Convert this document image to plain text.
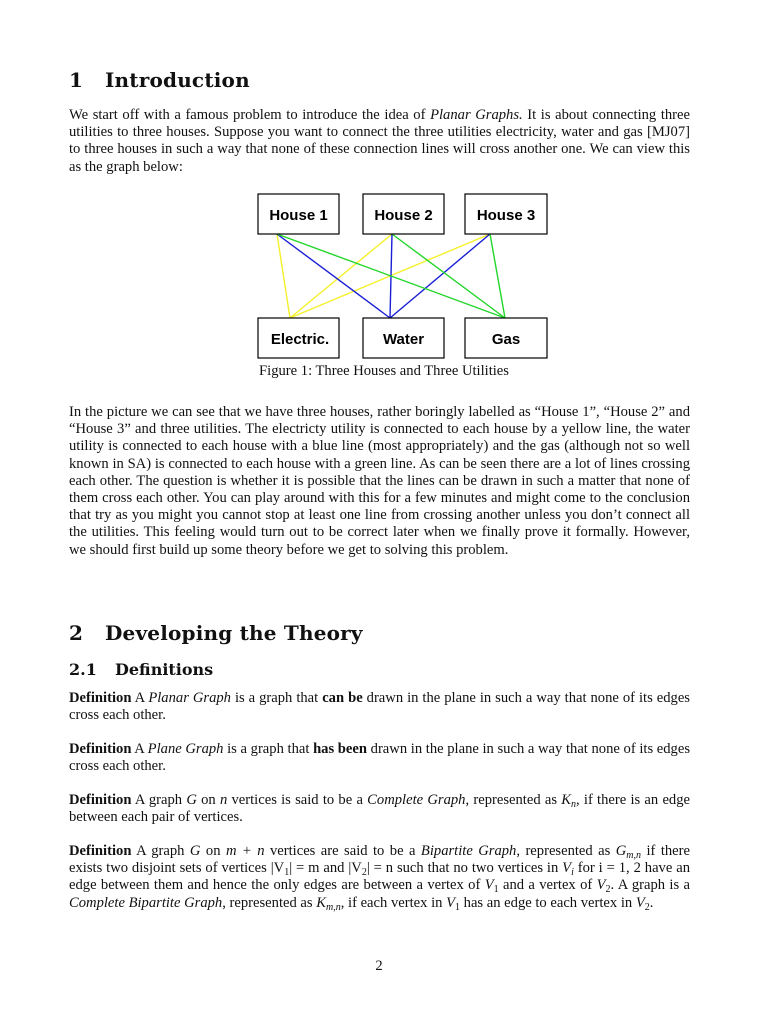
1 Introduction

We start off with a famous problem to introduce the idea of Planar Graphs. It is about connecting three utilities to three houses. Suppose you want to connect the three utilities electricity, water and gas [MJ07] to three houses in such a way that none of these connection lines will cross another one. We can view this as the graph below:

House 1	House 2	House 3
Electric.	Water	Gas
Figure 1: Three Houses and Three Utilities

In the picture we can see that we have three houses, rather boringly labelled as “House 1”, “House 2” and “House 3” and three utilities. The electricty utility is connected to each house by a yellow line, the water utility is connected to each house with a blue line (most appropriately) and the gas (although not so well known in SA) is connected to each house with a green line. As can be seen there are a lot of lines crossing each other. The question is whether it is possible that the lines can be drawn in such a matter that none of them cross each other. You can play around with this for a few minutes and might come to the conclusion that try as you might you cannot stop at least one line from crossing another unless you don’t connect all the utilities. This feeling would turn out to be correct later when we finally prove it formally. However, we should first build up some theory before we get to solving this problem.

2 Developing the Theory
2.1 Definitions

Definition A Planar Graph is a graph that can be drawn in the plane in such a way that none of its edges cross each other.

Definition A Plane Graph is a graph that has been drawn in the plane in such a way that none of its edges cross each other.

Definition A graph G on n vertices is said to be a Complete Graph, represented as $K_n$, if there is an edge between each pair of vertices.

Definition A graph G on m + n vertices are said to be a Bipartite Graph, represented as $G_{m,n}$ if there exists two disjoint sets of vertices $|V_1| = m$ and $|V_2| = n$ such that no two vertices in $V_i$ for i = 1, 2 have an edge between them and hence the only edges are between a vertex of $V_1$ and a vertex of $V_2$. A graph is a Complete Bipartite Graph, represented as $K_{m,n}$, if each vertex in $V_1$ has an edge to each vertex in $V_2$.

2
